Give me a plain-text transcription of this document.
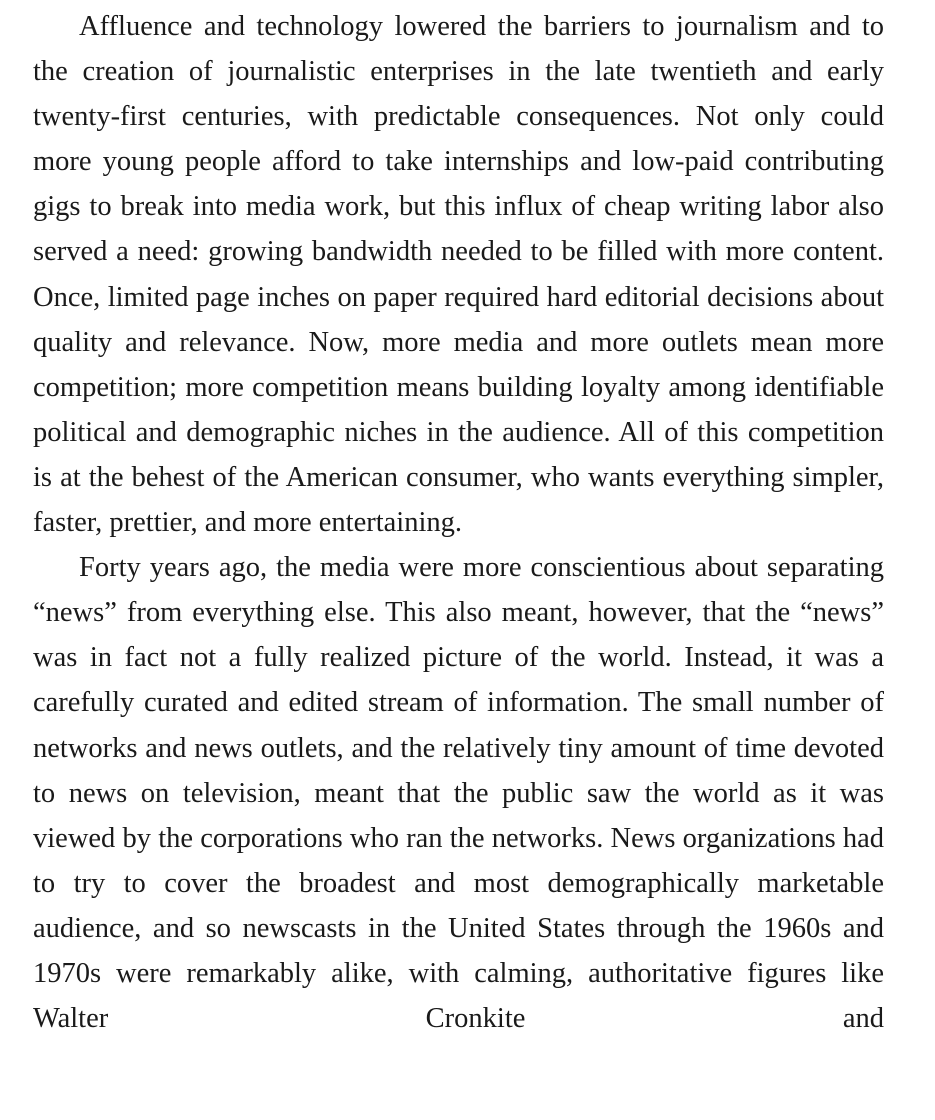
Affluence and technology lowered the barriers to journalism and to the creation of journalistic enterprises in the late twentieth and early twenty-first centuries, with predictable consequences. Not only could more young people afford to take internships and low-paid contributing gigs to break into media work, but this influx of cheap writing labor also served a need: growing bandwidth needed to be filled with more content. Once, limited page inches on paper required hard editorial decisions about quality and relevance. Now, more media and more outlets mean more competition; more competition means building loyalty among identifiable political and demographic niches in the audience. All of this competition is at the behest of the American consumer, who wants everything simpler, faster, prettier, and more entertaining.

Forty years ago, the media were more conscientious about separating “news” from everything else. This also meant, however, that the “news” was in fact not a fully realized picture of the world. Instead, it was a carefully curated and edited stream of information. The small number of networks and news outlets, and the relatively tiny amount of time devoted to news on television, meant that the public saw the world as it was viewed by the corporations who ran the networks. News organizations had to try to cover the broadest and most demographically marketable audience, and so newscasts in the United States through the 1960s and 1970s were remarkably alike, with calming, authoritative figures like Walter Cronkite and
